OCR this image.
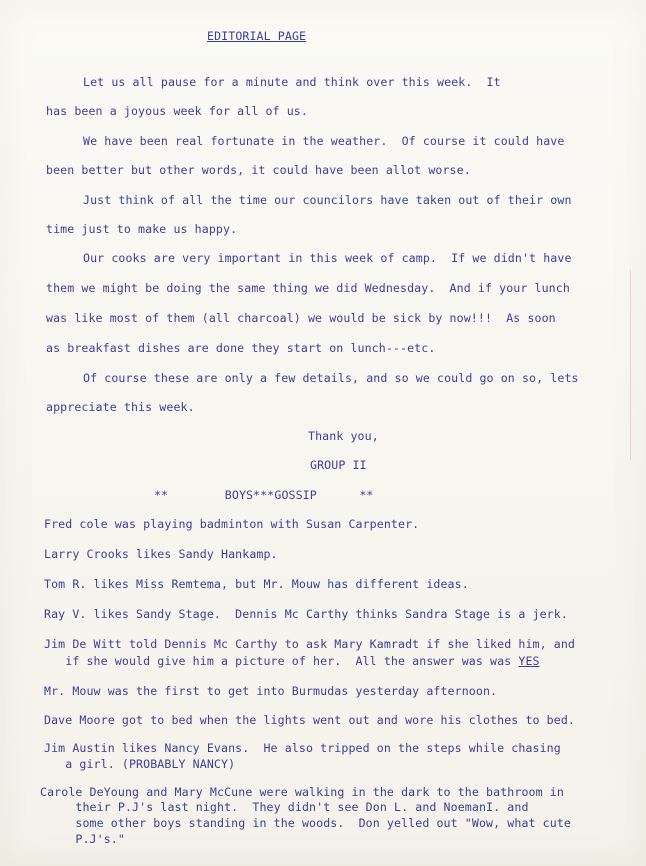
EDITORIAL PAGE
Let us all pause for a minute and think over this week.  It
has been a joyous week for all of us.
We have been real fortunate in the weather.  Of course it could have
been better but other words, it could have been allot worse.
Just think of all the time our councilors have taken out of their own
time just to make us happy.
Our cooks are very important in this week of camp.  If we didn't have
them we might be doing the same thing we did Wednesday.  And if your lunch
was like most of them (all charcoal) we would be sick by now!!!  As soon
as breakfast dishes are done they start on lunch---etc.
Of course these are only a few details, and so we could go on so, lets
appreciate this week.
Thank you,
GROUP II
**        BOYS***GOSSIP      **
Fred cole was playing badminton with Susan Carpenter.
Larry Crooks likes Sandy Hankamp.
Tom R. likes Miss Remtema, but Mr. Mouw has different ideas.
Ray V. likes Sandy Stage.  Dennis Mc Carthy thinks Sandra Stage is a jerk.
Jim De Witt told Dennis Mc Carthy to ask Mary Kamradt if she liked him, and
if she would give him a picture of her.  All the answer was was YES
Mr. Mouw was the first to get into Burmudas yesterday afternoon.
Dave Moore got to bed when the lights went out and wore his clothes to bed.
Jim Austin likes Nancy Evans.  He also tripped on the steps while chasing
a girl. (PROBABLY NANCY)
Carole DeYoung and Mary McCune were walking in the dark to the bathroom in
their P.J's last night.  They didn't see Don L. and NoemanI. and
some other boys standing in the woods.  Don yelled out "Wow, what cute
P.J's."
